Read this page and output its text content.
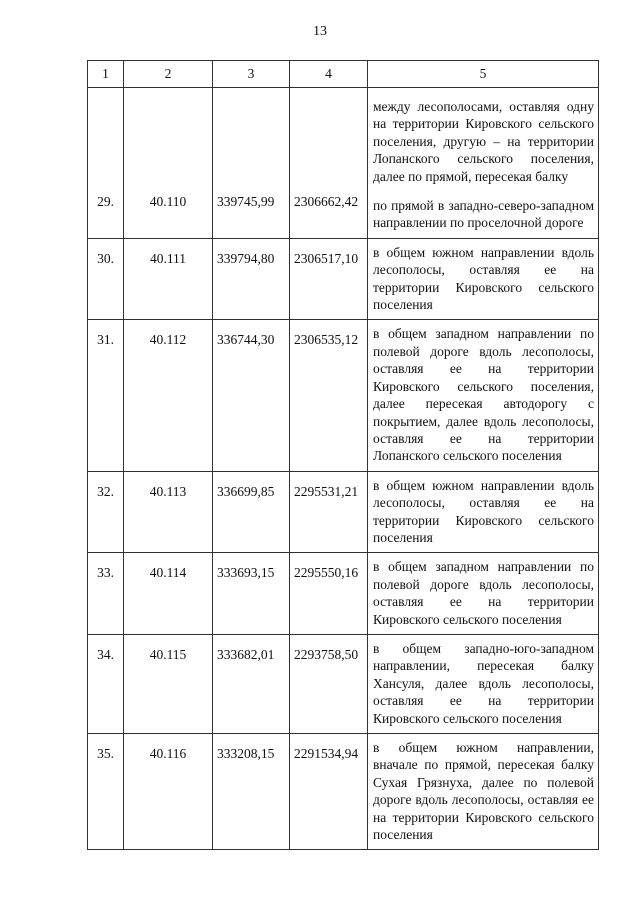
13
1	2	3	4	5
29.	40.110	339745,99	2306662,42	между лесополосами, оставляя одну на территории Кировского сельского поселения, другую – на территории Лопанского сельского поселения, далее по прямой, пересекая балку
по прямой в западно-северо-западном направлении по проселочной дороге

30.	40.111	339794,80	2306517,10	в общем южном направлении вдоль лесополосы, оставляя ее на территории Кировского сельского поселения
31.	40.112	336744,30	2306535,12	в общем западном направлении по полевой дороге вдоль лесополосы, оставляя ее на территории Кировского сельского поселения, далее пересекая автодорогу с покрытием, далее вдоль лесополосы, оставляя ее на территории Лопанского сельского поселения
32.	40.113	336699,85	2295531,21	в общем южном направлении вдоль лесополосы, оставляя ее на территории Кировского сельского поселения
33.	40.114	333693,15	2295550,16	в общем западном направлении по полевой дороге вдоль лесополосы, оставляя ее на территории Кировского сельского поселения
34.	40.115	333682,01	2293758,50	в общем западно-юго-западном направлении, пересекая балку Хансуля, далее вдоль лесополосы, оставляя ее на территории Кировского сельского поселения
35.	40.116	333208,15	2291534,94	в общем южном направлении, вначале по прямой, пересекая балку Сухая Грязнуха, далее по полевой дороге вдоль лесополосы, оставляя ее на территории Кировского сельского поселения
